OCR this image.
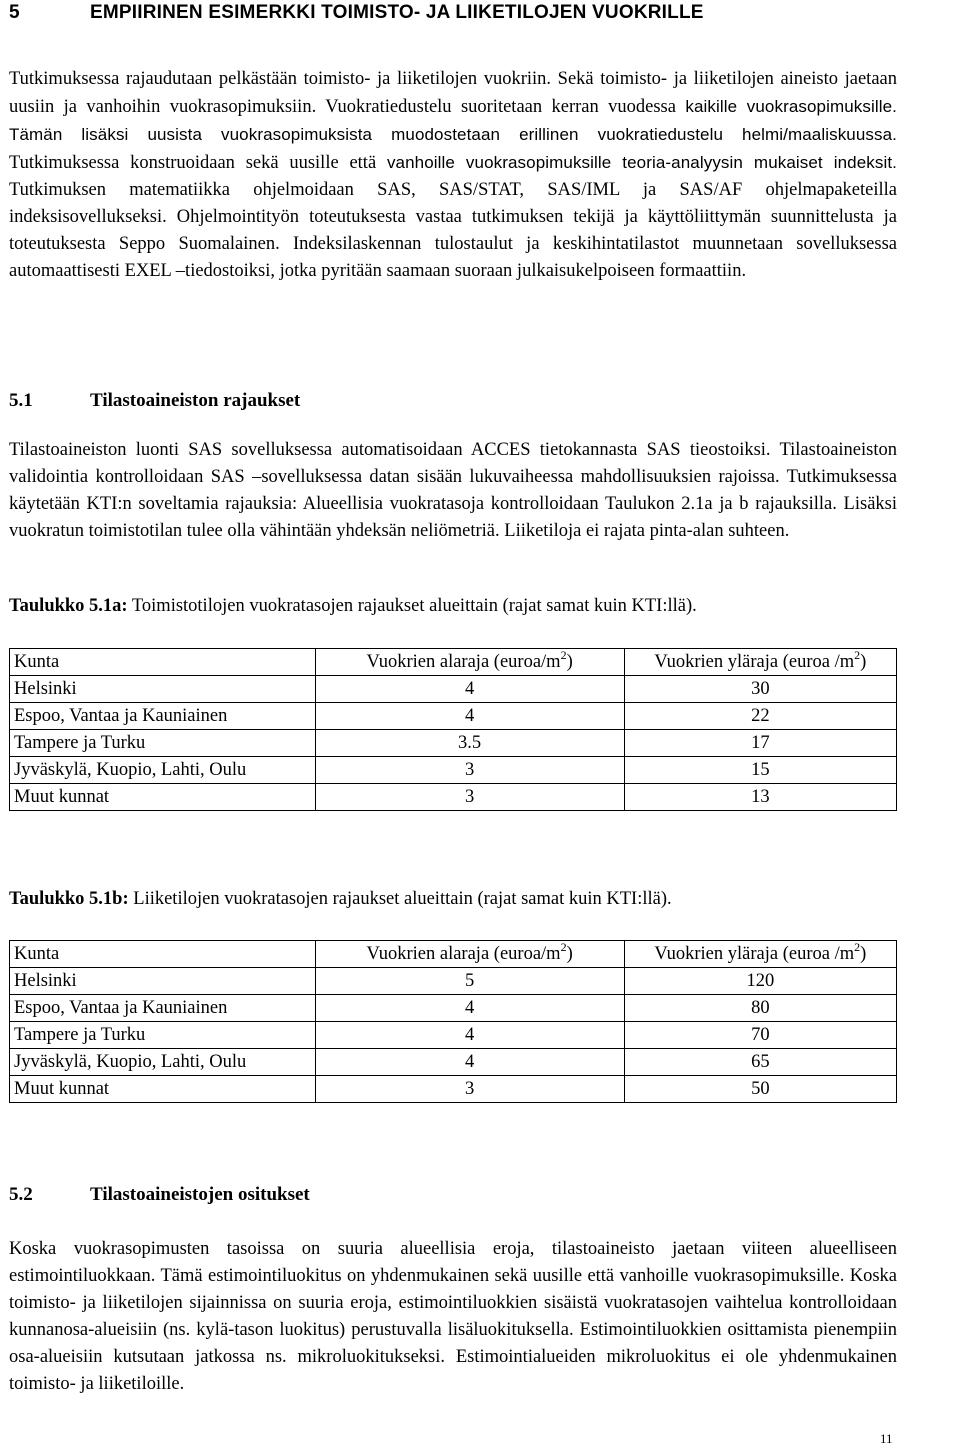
5	EMPIIRINEN ESIMERKKI TOIMISTO- JA LIIKETILOJEN VUOKRILLE

Tutkimuksessa rajaudutaan pelkästään toimisto- ja liiketilojen vuokriin. Sekä toimisto- ja liiketilojen aineisto jaetaan uusiin ja vanhoihin vuokrasopimuksiin. Vuokratiedustelu suoritetaan kerran vuodessa kaikille vuokrasopimuksille. Tämän lisäksi uusista vuokrasopimuksista muodostetaan erillinen vuokratiedustelu helmi/maaliskuussa. Tutkimuksessa konstruoidaan sekä uusille että vanhoille vuokrasopimuksille teoria-analyysin mukaiset indeksit. Tutkimuksen matematiikka ohjelmoidaan SAS, SAS/STAT, SAS/IML ja SAS/AF ohjelmapaketeilla indeksisovellukseksi. Ohjelmointityön toteutuksesta vastaa tutkimuksen tekijä ja käyttöliittymän suunnittelusta ja toteutuksesta Seppo Suomalainen. Indeksilaskennan tulostaulut ja keskihintatilastot muunnetaan sovelluksessa automaattisesti EXEL –tiedostoiksi, jotka pyritään saamaan suoraan julkaisukelpoiseen formaattiin.

5.1	Tilastoaineiston rajaukset

Tilastoaineiston luonti SAS sovelluksessa automatisoidaan ACCES tietokannasta SAS tieostoiksi. Tilastoaineiston validointia kontrolloidaan SAS –sovelluksessa datan sisään lukuvaiheessa mahdollisuuksien rajoissa. Tutkimuksessa käytetään KTI:n soveltamia rajauksia: Alueellisia vuokratasoja kontrolloidaan Taulukon 2.1a ja b rajauksilla. Lisäksi vuokratun toimistotilan tulee olla vähintään yhdeksän neliömetriä. Liiketiloja ei rajata pinta-alan suhteen.

Taulukko 5.1a: Toimistotilojen vuokratasojen rajaukset alueittain (rajat samat kuin KTI:llä).

Kunta	Vuokrien alaraja $(euroa/m^2)$	Vuokrien yläraja (euroa $/m^2$)
Helsinki	4	30
Espoo, Vantaa ja Kauniainen	4	22
Tampere ja Turku	3.5	17
Jyväskylä, Kuopio, Lahti, Oulu	3	15
Muut kunnat	3	13

Taulukko 5.1b: Liiketilojen vuokratasojen rajaukset alueittain (rajat samat kuin KTI:llä).

Kunta	Vuokrien alaraja $(euroa/m^2)$	Vuokrien yläraja (euroa $/m^2$)
Helsinki	5	120
Espoo, Vantaa ja Kauniainen	4	80
Tampere ja Turku	4	70
Jyväskylä, Kuopio, Lahti, Oulu	4	65
Muut kunnat	3	50
5.2	Tilastoaineistojen ositukset

Koska vuokrasopimusten tasoissa on suuria alueellisia eroja, tilastoaineisto jaetaan viiteen alueelliseen estimointiluokkaan. Tämä estimointiluokitus on yhdenmukainen sekä uusille että vanhoille vuokrasopimuksille. Koska toimisto- ja liiketilojen sijainnissa on suuria eroja, estimointiluokkien sisäistä vuokratasojen vaihtelua kontrolloidaan kunnanosa-alueisiin (ns. kylä-tason luokitus) perustuvalla lisäluokituksella. Estimointiluokkien osittamista pienempiin osa-alueisiin kutsutaan jatkossa ns. mikroluokitukseksi. Estimointialueiden mikroluokitus ei ole yhdenmukainen toimisto- ja liiketiloille.

11
